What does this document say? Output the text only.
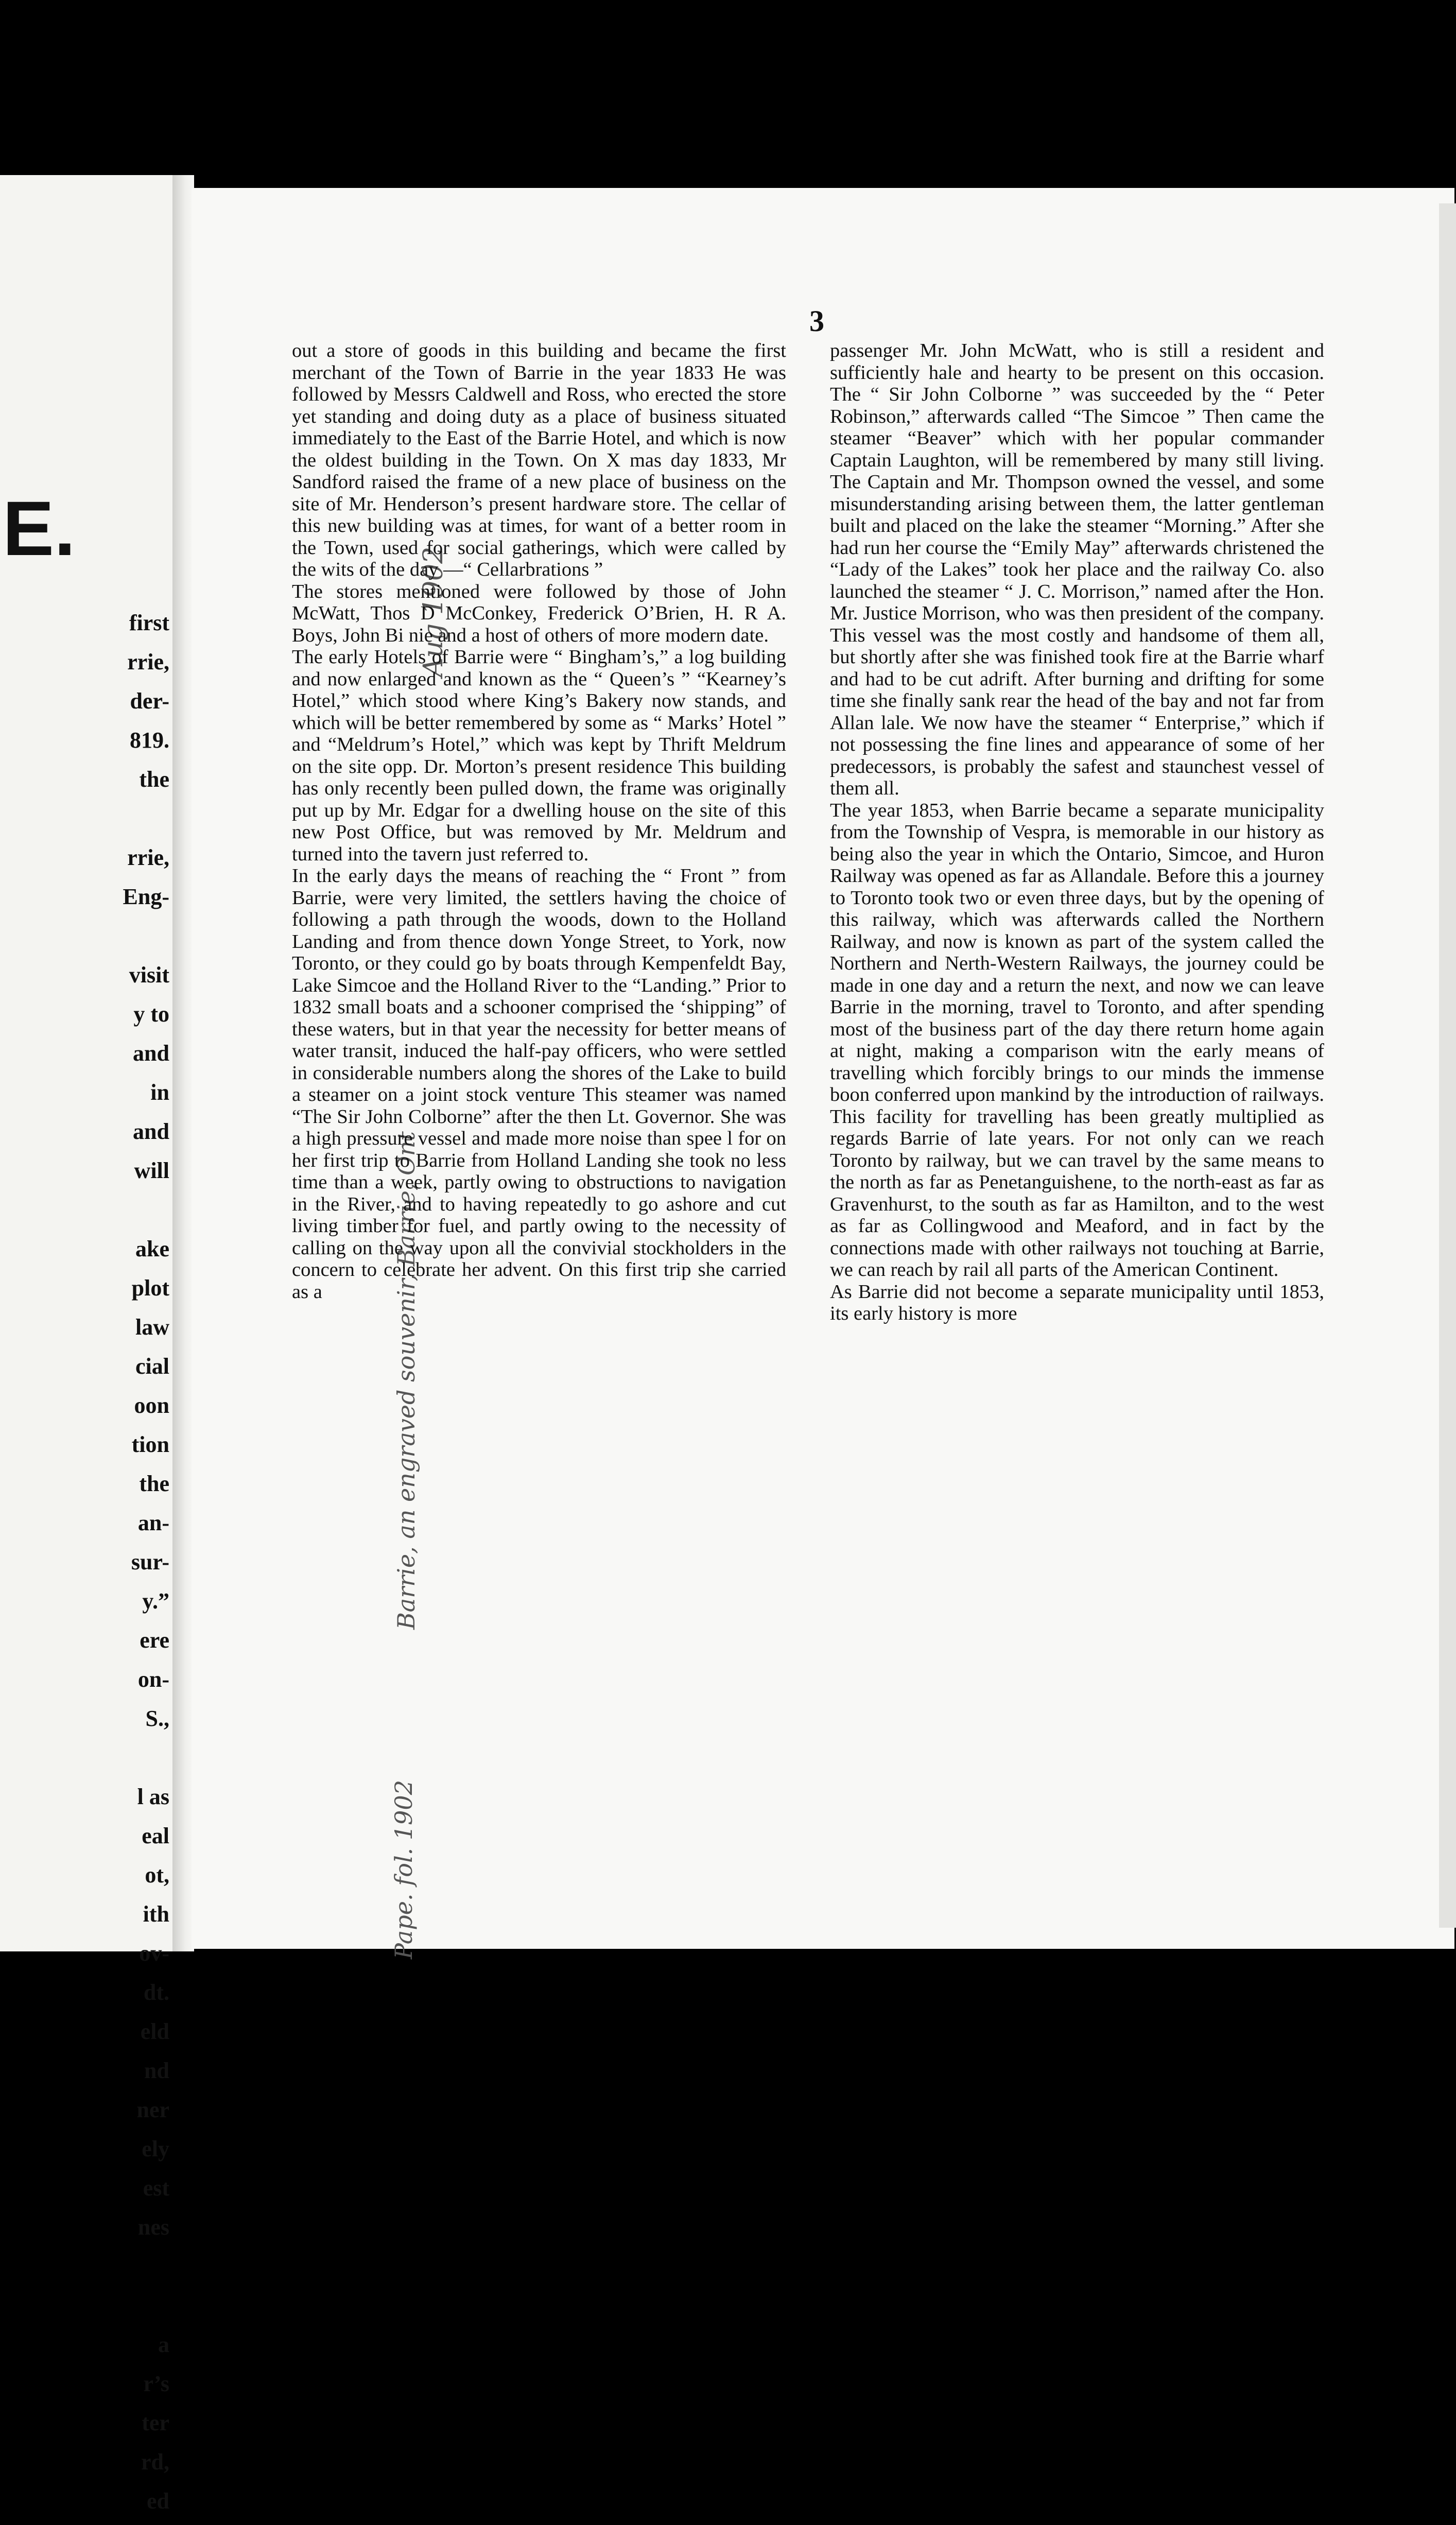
E.
first
rrie,
der-
819.
the
rrie,
Eng-
visit
y to
and
in
and
will
ake
plot
law
cial
oon
tion
the
an-
sur-
y.”
ere
on-
S.,
l as
eal
ot,
ith
ov-
dt.
eld
nd
ner
ely
est
nes
a
r’s
ter
rd,
ed

3

Aug 1902

Barrie, an engraved souvenir, Barrie, Ont

Pape. fol. 1902

out a store of goods in this building and became the first merchant of the Town of Barrie in the year 1833 He was followed by Messrs Caldwell and Ross, who erected the store yet standing and doing duty as a place of business situated immediately to the East of the Barrie Hotel, and which is now the oldest building in the Town. On X mas day 1833, Mr Sandford raised the frame of a new place of business on the site of Mr. Henderson’s present hardware store. The cellar of this new building was at times, for want of a better room in the Town, used for social gatherings, which were called by the wits of the day —“ Cellarbrations ”

The stores mentioned were followed by those of John McWatt, Thos D McConkey, Frederick O’Brien, H. R A. Boys, John Bi nie and a host of others of more modern date.

The early Hotels of Barrie were “ Bingham’s,” a log building and now enlarged and known as the “ Queen’s ” “Kearney’s Hotel,” which stood where King’s Bakery now stands, and which will be better remembered by some as “ Marks’ Hotel ” and “Meldrum’s Hotel,” which was kept by Thrift Meldrum on the site opp. Dr. Morton’s present residence This building has only recently been pulled down, the frame was originally put up by Mr. Edgar for a dwelling house on the site of this new Post Office, but was removed by Mr. Meldrum and turned into the tavern just referred to.

In the early days the means of reaching the “ Front ” from Barrie, were very limited, the settlers having the choice of following a path through the woods, down to the Holland Landing and from thence down Yonge Street, to York, now Toronto, or they could go by boats through Kempenfeldt Bay, Lake Simcoe and the Holland River to the “Landing.” Prior to 1832 small boats and a schooner comprised the ‘shipping” of these waters, but in that year the necessity for better means of water transit, induced the half-pay officers, who were settled in considerable numbers along the shores of the Lake to build a steamer on a joint stock venture This steamer was named “The Sir John Colborne” after the then Lt. Governor. She was a high pressure vessel and made more noise than spee l for on her first trip to Barrie from Holland Landing she took no less time than a week, partly owing to obstructions to navigation in the River, and to having repeatedly to go ashore and cut living timber for fuel, and partly owing to the necessity of calling on the way upon all the convivial stockholders in the concern to celebrate her advent. On this first trip she carried as a

passenger Mr. John McWatt, who is still a resident and sufficiently hale and hearty to be present on this occasion. The “ Sir John Colborne ” was succeeded by the “ Peter Robinson,” afterwards called “The Simcoe ” Then came the steamer “Beaver” which with her popular commander Captain Laughton, will be remembered by many still living. The Captain and Mr. Thompson owned the vessel, and some misunderstanding arising between them, the latter gentleman built and placed on the lake the steamer “Morning.” After she had run her course the “Emily May” afterwards christened the “Lady of the Lakes” took her place and the railway Co. also launched the steamer “ J. C. Morrison,” named after the Hon. Mr. Justice Morrison, who was then president of the company. This vessel was the most costly and handsome of them all, but shortly after she was finished took fire at the Barrie wharf and had to be cut adrift. After burning and drifting for some time she finally sank rear the head of the bay and not far from Allan lale. We now have the steamer “ Enterprise,” which if not possessing the fine lines and appearance of some of her predecessors, is probably the safest and staunchest vessel of them all.

The year 1853, when Barrie became a separate municipality from the Township of Vespra, is memorable in our history as being also the year in which the Ontario, Simcoe, and Huron Railway was opened as far as Allandale. Before this a journey to Toronto took two or even three days, but by the opening of this railway, which was afterwards called the Northern Railway, and now is known as part of the system called the Northern and Nerth-Western Railways, the journey could be made in one day and a return the next, and now we can leave Barrie in the morning, travel to Toronto, and after spending most of the business part of the day there return home again at night, making a comparison witn the early means of travelling which forcibly brings to our minds the immense boon conferred upon mankind by the introduction of railways. This facility for travelling has been greatly multiplied as regards Barrie of late years. For not only can we reach Toronto by railway, but we can travel by the same means to the north as far as Penetanguishene, to the north-east as far as Gravenhurst, to the south as far as Hamilton, and to the west as far as Collingwood and Meaford, and in fact by the connections made with other railways not touching at Barrie, we can reach by rail all parts of the American Continent.

As Barrie did not become a separate municipality until 1853, its early history is more
